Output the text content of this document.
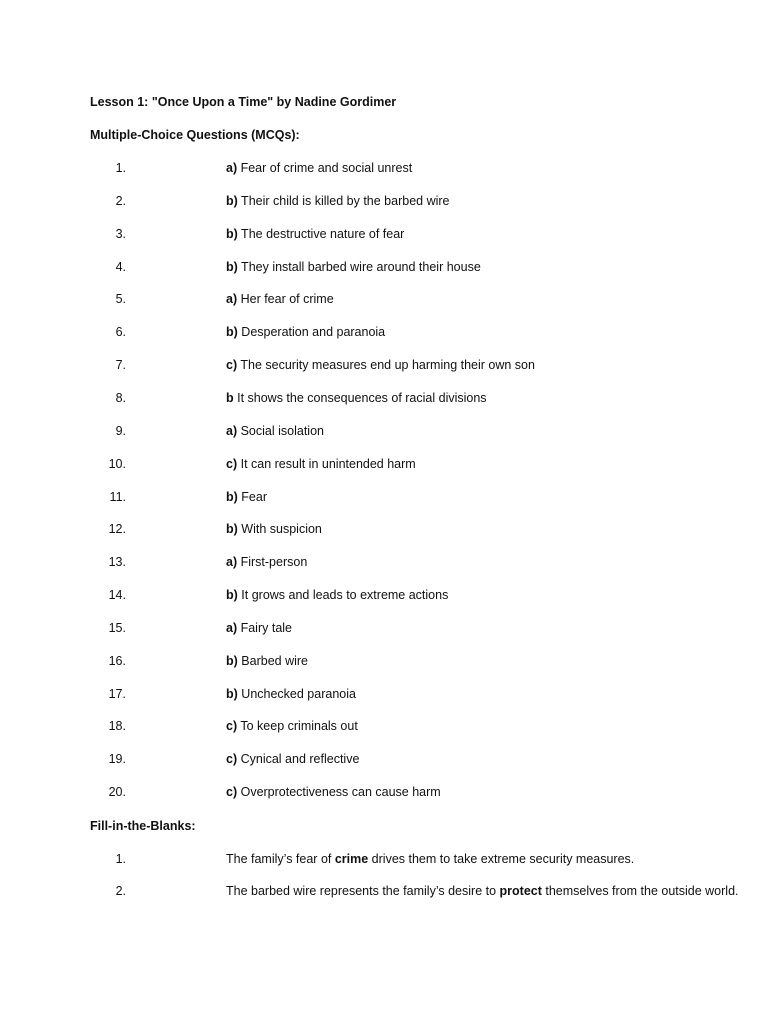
Lesson 1: "Once Upon a Time" by Nadine Gordimer
Multiple-Choice Questions (MCQs):
1.	a) Fear of crime and social unrest
2.	b) Their child is killed by the barbed wire
3.	b) The destructive nature of fear
4.	b) They install barbed wire around their house
5.	a) Her fear of crime
6.	b) Desperation and paranoia
7.	c) The security measures end up harming their own son
8.	b It shows the consequences of racial divisions
9.	a) Social isolation
10.	c) It can result in unintended harm
11.	b) Fear
12.	b) With suspicion
13.	a) First-person
14.	b) It grows and leads to extreme actions
15.	a) Fairy tale
16.	b) Barbed wire
17.	b) Unchecked paranoia
18.	c) To keep criminals out
19.	c) Cynical and reflective
20.	c) Overprotectiveness can cause harm
Fill-in-the-Blanks:
1.	The family’s fear of crime drives them to take extreme security measures.
2.	The barbed wire represents the family’s desire to protect themselves from the outside world.
